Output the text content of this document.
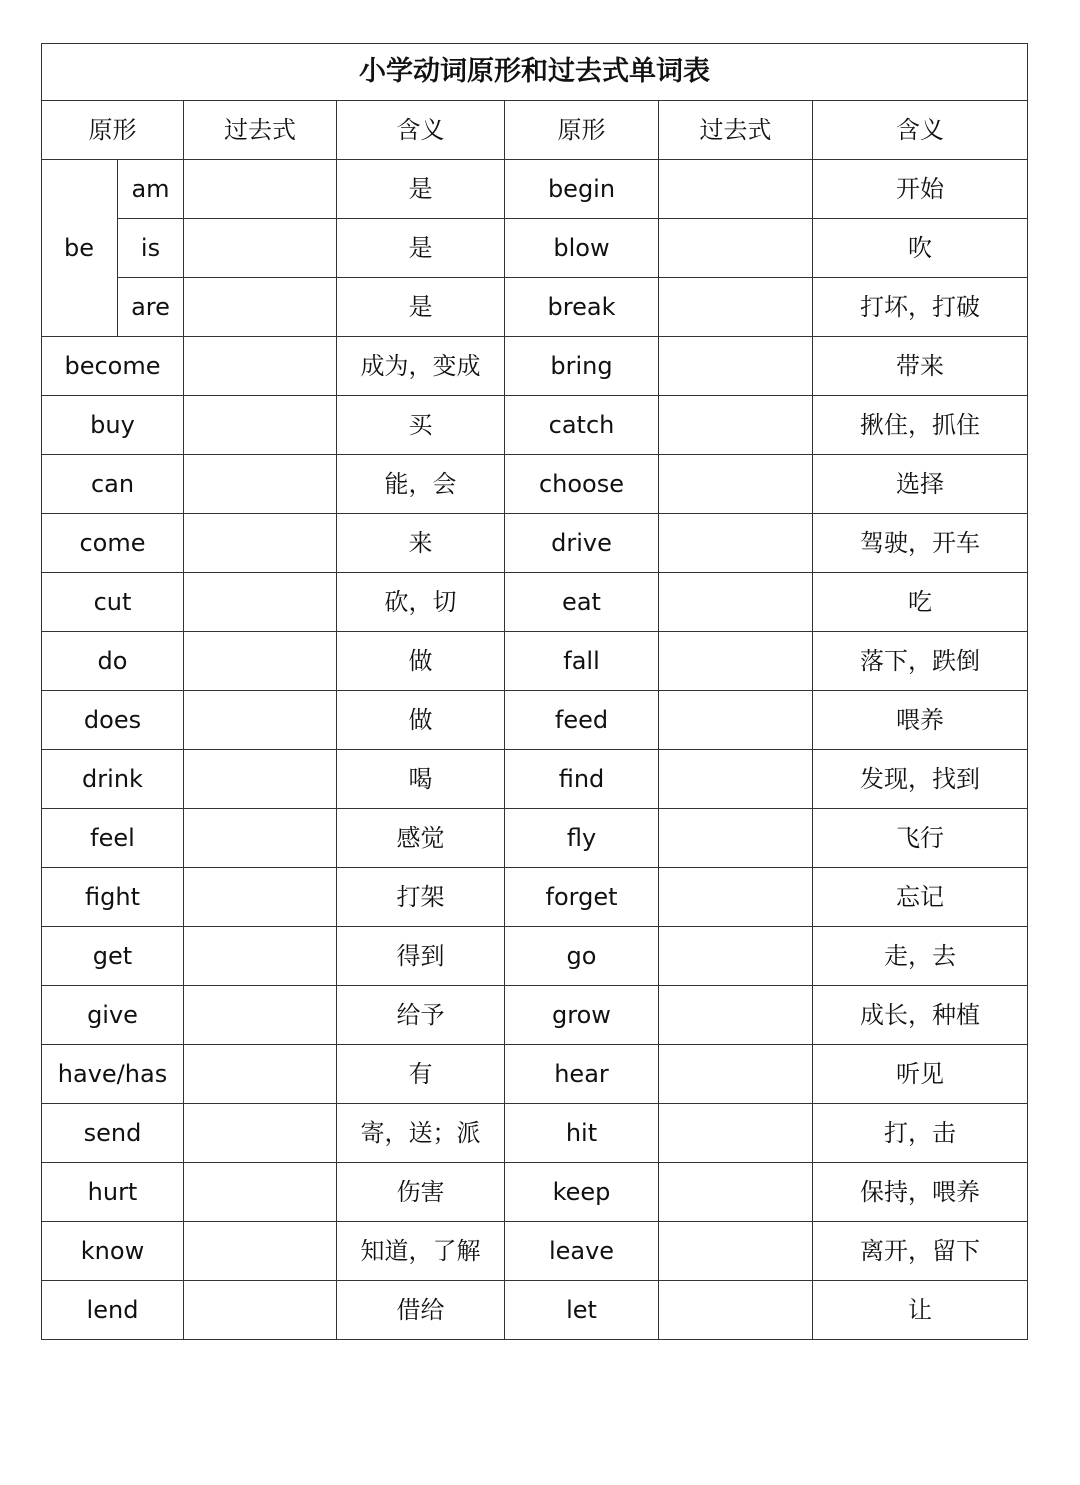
小学动词原形和过去式单词表						
原形		过去式	含义	原形	过去式	含义
be	am		是	begin		开始
	is		是	blow		吹
	are		是	break		打坏，打破
become			成为，变成	bring		带来
buy			买	catch		揪住，抓住
can			能，会	choose		选择
come			来	drive		驾驶，开车
cut			砍，切	eat		吃
do			做	fall		落下，跌倒
does			做	feed		喂养
drink			喝	find		发现，找到
feel			感觉	fly		飞行
fight			打架	forget		忘记
get			得到	go		走，去
give			给予	grow		成长，种植
have/has			有	hear		听见
send			寄，送；派	hit		打，击
hurt			伤害	keep		保持，喂养
know			知道，了解	leave		离开，留下
lend			借给	let		让
